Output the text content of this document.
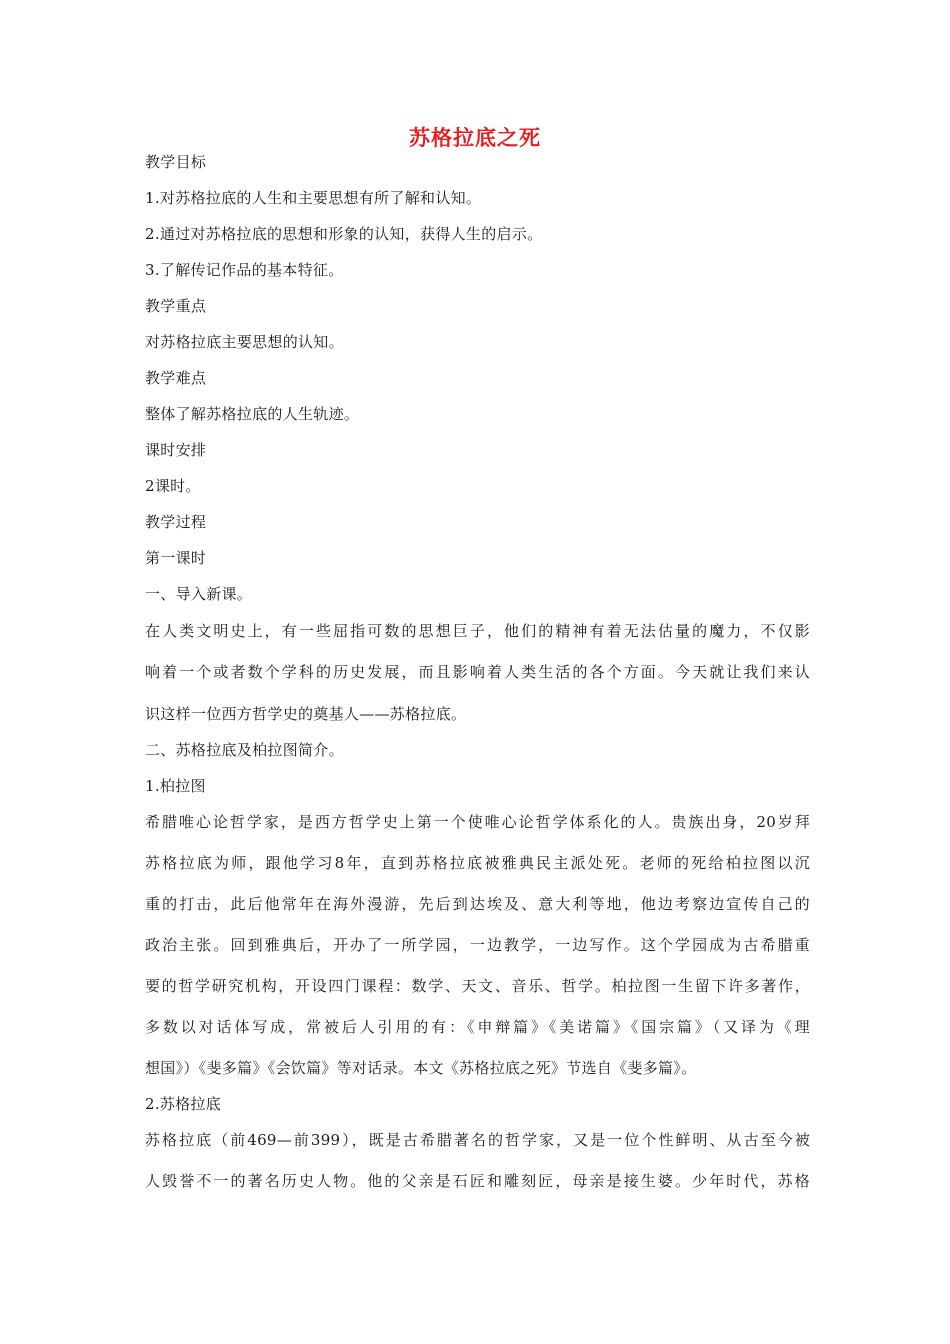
苏格拉底之死
教学目标
1.对苏格拉底的人生和主要思想有所了解和认知。
2.通过对苏格拉底的思想和形象的认知，获得人生的启示。
3.了解传记作品的基本特征。
教学重点
对苏格拉底主要思想的认知。
教学难点
整体了解苏格拉底的人生轨迹。
课时安排
2课时。
教学过程
第一课时
一、导入新课。
在人类文明史上，有一些屈指可数的思想巨子，他们的精神有着无法估量的魔力，不仅影
响着一个或者数个学科的历史发展，而且影响着人类生活的各个方面。今天就让我们来认
识这样一位西方哲学史的奠基人——苏格拉底。
二、苏格拉底及柏拉图简介。
1.柏拉图
希腊唯心论哲学家，是西方哲学史上第一个使唯心论哲学体系化的人。贵族出身，20岁拜
苏格拉底为师，跟他学习8年，直到苏格拉底被雅典民主派处死。老师的死给柏拉图以沉
重的打击，此后他常年在海外漫游，先后到达埃及、意大利等地，他边考察边宣传自己的
政治主张。回到雅典后，开办了一所学园，一边教学，一边写作。这个学园成为古希腊重
要的哲学研究机构，开设四门课程：数学、天文、音乐、哲学。柏拉图一生留下许多著作，
多数以对话体写成，常被后人引用的有：《申辩篇》《美诺篇》《国宗篇》（又译为《理
想国》）《斐多篇》《会饮篇》等对话录。本文《苏格拉底之死》节选自《斐多篇》。
2.苏格拉底
苏格拉底（前469—前399），既是古希腊著名的哲学家，又是一位个性鲜明、从古至今被
人毁誉不一的著名历史人物。他的父亲是石匠和雕刻匠，母亲是接生婆。少年时代，苏格
